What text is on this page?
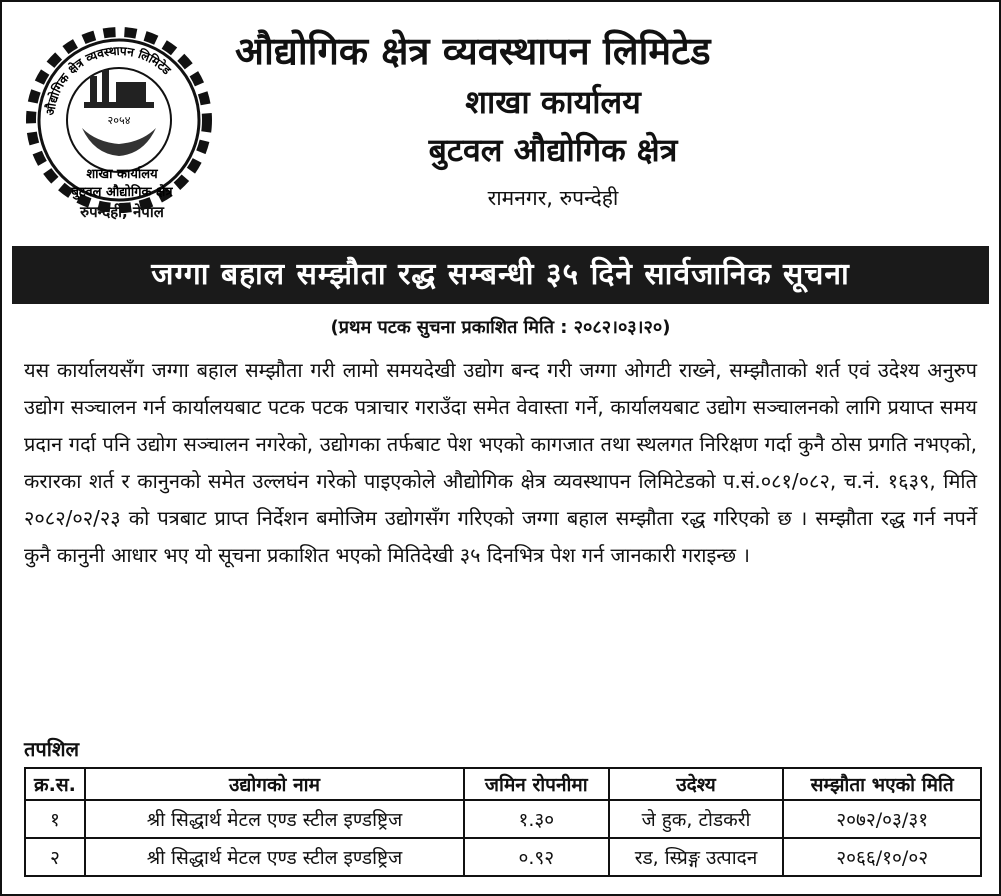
२०५४
औद्योगिक क्षेत्र व्यवस्थापन लिमिटेड
शाखा कार्यालय
बुटवल औद्योगिक क्षेत्र
रुपन्देही, नेपाल
औद्योगिक क्षेत्र व्यवस्थापन लिमिटेड
शाखा कार्यालय
बुटवल औद्योगिक क्षेत्र
रामनगर, रुपन्देही
जग्गा बहाल सम्झौता रद्ध सम्बन्धी ३५ दिने सार्वजानिक सूचना
(प्रथम पटक सुचना प्रकाशित मिति : २०८२।०३।२०)
यस कार्यालयसँग जग्गा बहाल सम्झौता गरी लामो समयदेखी उद्योग बन्द गरी जग्गा ओगटी राख्ने, सम्झौताको शर्त एवं उदेश्य अनुरुप उद्योग सञ्चालन गर्न कार्यालयबाट पटक पटक पत्राचार गराउँदा समेत वेवास्ता गर्ने, कार्यालयबाट उद्योग सञ्चालनको लागि प्रयाप्त समय प्रदान गर्दा पनि उद्योग सञ्चालन नगरेको, उद्योगका तर्फबाट पेश भएको कागजात तथा स्थलगत निरिक्षण गर्दा कुनै ठोस प्रगति नभएको, करारका शर्त र कानुनको समेत उल्लघंन गरेको पाइएकोले औद्योगिक क्षेत्र व्यवस्थापन लिमिटेडको प.सं.०८१/०८२, च.नं. १६३९, मिति २०८२/०२/२३ को पत्रबाट प्राप्त निर्देशन बमोजिम उद्योगसँग गरिएको जग्गा बहाल सम्झौता रद्ध गरिएको छ । सम्झौता रद्ध गर्न नपर्ने कुनै कानुनी आधार भए यो सूचना प्रकाशित भएको मितिदेखी ३५ दिनभित्र पेश गर्न जानकारी गराइन्छ ।
तपशिल
क्र.स.	उद्योगको नाम	जमिन रोपनीमा	उदेश्य	सम्झौता भएको मिति
१	श्री सिद्धार्थ मेटल एण्ड स्टील इण्डष्ट्रिज	१.३०	जे हुक, टोडकरी	२०७२/०३/३१
२	श्री सिद्धार्थ मेटल एण्ड स्टील इण्डष्ट्रिज	०.९२	रड, स्प्रिङ्ग उत्पादन	२०६६/१०/०२
